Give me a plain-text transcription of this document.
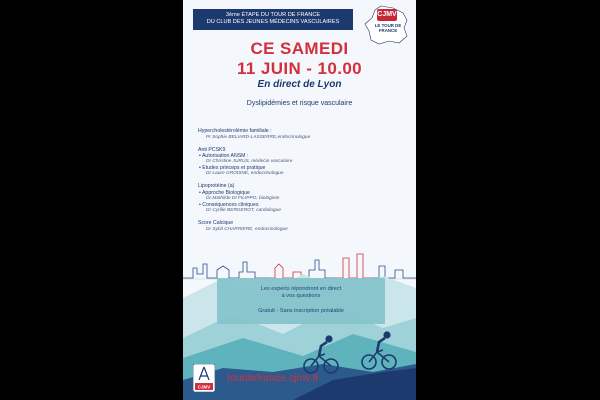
3ème ÉTAPE DU TOUR DE FRANCE
DU CLUB DES JEUNES MÉDECINS VASCULAIRES
CJMV
LE TOUR DE FRANCE
CE SAMEDI
11 JUIN - 10.00
En direct de Lyon
Dyslipidémies et risque vasculaire
Hypercholestérolémie familiale :
Pr Sophie BELIARD-LASSERRE,endocrinologue
Anti PCSK9
• Autorisation ANSM :
Dr Christine JURUS, médecin vasculaire
• Etudes princeps et pratique
Dr Laure GROISNE, endocrinologue
Lipoprotéine (a)
• Approche Biologique
Dr Mathilde DI FILIPPO, biologiste
• Conséquences cliniques
Dr Cyrille BERGEROT, cardiologue
Score Calcique
Dr Sybil CHARRIERE, endocrinologue
Les experts répondront en direct
à vos questions
Gratuit - Sans inscription préalable
CJMV
tourdefrance.cjmv.fr
